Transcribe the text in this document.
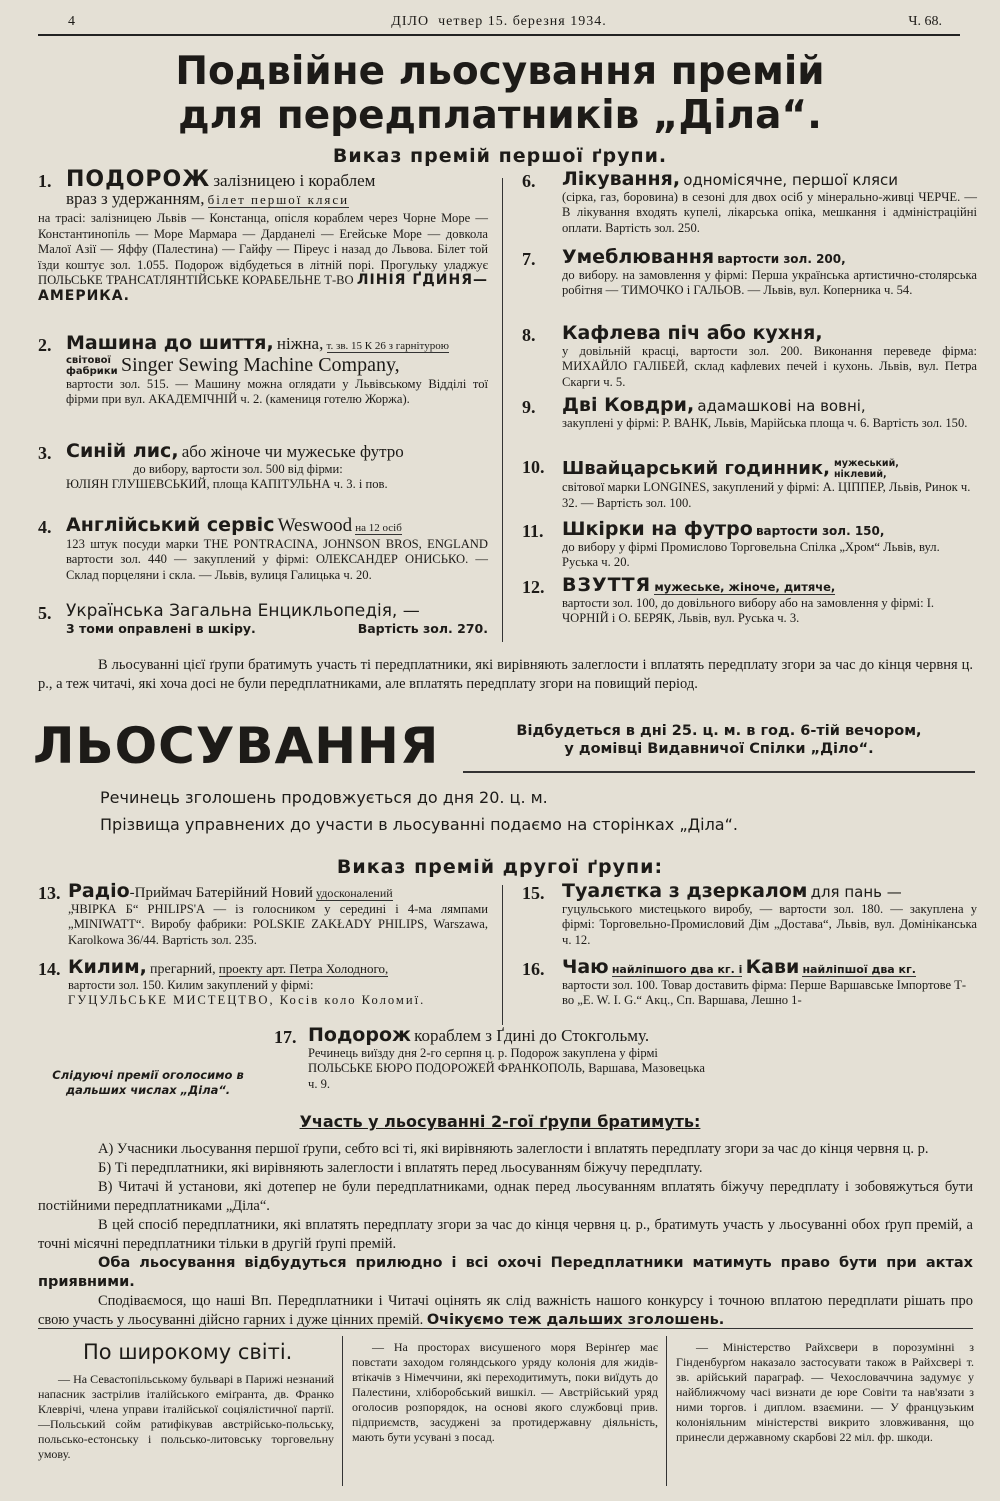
4	ДІЛО четвер 15. березня 1934.	Ч. 68.
Подвійне льосування премій
для передплатників „Діла“.
Виказ премій першої ґрупи.
1. ПОДОРОЖ залізницею і кораблем
враз з удержанням, білет першої кляси

на трасі: залізницею Львів — Констанца, опісля кораблем через Чорне Море — Константинопіль — Море Мармара — Дарданелі — Егейське Море — довкола Малої Азії — Яффу (Палестина) — Гайфу — Піреус і назад до Львова. Білет той їзди коштує зол. 1.055. Подорож відбудеться в літній порі. Прогульку уладжує ПОЛЬСЬКЕ ТРАНСАТЛЯНТІЙСЬКЕ КОРАБЕЛЬНЕ Т-ВО ЛІНІЯ ҐДИНЯ—АМЕРИКА.

2. Машина до шиття, ніжна, т. зв. 15 К 26 з гарнітурою
світової фабрики Singer Sewing Machine Company,

вартости зол. 515. — Машину можна оглядати у Львівському Відділі тої фірми при вул. АКАДЕМІЧНІЙ ч. 2. (камениця готелю Жоржа).

3. Синій лис, або жіноче чи мужеське футро

до вибору, вартости зол. 500 від фірми:

ЮЛІЯН ГЛУШЕВСЬКИЙ, площа КАПІТУЛЬНА ч. 3. і пов.

4. Англійський сервіс Weswood на 12 осіб

123 штук посуди марки THE PONTRACINA, JOHNSON BROS, ENGLAND вартости зол. 440 — закуплений у фірмі: ОЛЕКСАНДЕР ОНИСЬКО. — Склад порцеляни і скла. — Львів, вулиця Галицька ч. 20.

5. Українська Загальна Енцикльопедія, —
3 томи оправлені в шкіру.	Вартість зол. 270.
6.	Лікування, одномісячне, першої кляси

(сірка, газ, боровина) в сезоні для двох осіб у мінерально-живці ЧЕРЧЕ. — В лікування входять купелі, лікарська опіка, мешкання і адміністраційні оплати. Вартість зол. 250.

7.	Умеблювання вартости зол. 200,

до вибору. на замовлення у фірмі: Перша українська артистично-столярська робітня — ТИМОЧКО і ГАЛЬОВ. — Львів, вул. Коперника ч. 54.

8.	Кафлева піч або кухня,

у довільній красці, вартости зол. 200. Виконання переведе фірма: МИХАЙЛО ГАЛІБЕЙ, склад кафлевих печей і кухонь. Львів, вул. Петра Скарги ч. 5.

9.	Дві Ковдри, адамашкові на вовні,

закуплені у фірмі: Р. ВАНК, Львів, Марійська площа ч. 6. Вартість зол. 150.

10. Швайцарський годинник, мужеський, ніклевий,

світової марки LONGINES, закуплений у фірмі: А. ЦІППЕР, Львів, Ринок ч. 32. — Вартість зол. 100.

11. Шкірки на футро вартости зол. 150,

до вибору у фірмі Промислово Торговельна Спілка „Хром“ Львів, вул. Руська ч. 20.

12. ВЗУТТЯ мужеське, жіноче, дитяче,

вартости зол. 100, до довільного вибору або на замовлення у фірмі: І. ЧОРНІЙ і О. БЕРЯК, Львів, вул. Руська ч. 3.

В льосуванні цієї ґрупи братимуть участь ті передплатники, які вирівняють залеглости і вплатять передплату згори за час до кінця червня ц. р., а теж читачі, які хоча досі не були передплатниками, але вплатять передплату згори на повищий період.

ЛЬОСУВАННЯ	Відбудеться в дні 25. ц. м. в год. 6-тій вечором,
у домівці Видавничої Спілки „Діло“.
Речинець зголошень продовжується до дня 20. ц. м.
Прізвища управнених до участи в льосуванні подаємо на сторінках „Діла“.
Виказ премій другої ґрупи:
13. Радіо-Приймач Батерійний Новий удосконалений

„ЧВІРКА Б“ PHILIPS'A — із голосником у середині і 4-ма лямпами „MINIWATT“. Виробу фабрики: POLSKIE ZAKŁADY PHILIPS, Warszawa, Karolkowa 36/44. Вартість зол. 235.

14. Килим, прегарний, проекту арт. Петра Холодного,

вартости зол. 150. Килим закуплений у фірмі:

ГУЦУЛЬСЬКЕ МИСТЕЦТВО, Косів коло Коломиї.

15. Туалєтка з дзеркалом для пань —

гуцульського мистецького виробу, — вартости зол. 180. — закуплена у фірмі: Торговельно-Промисловий Дім „Достава“, Львів, вул. Домініканська ч. 12.

16. Чаю найліпшого два кг. і Кави найліпшої два кг.

вартости зол. 100. Товар доставить фірма: Перше Варшавське Імпортове Т-во „E. W. I. G.“ Акц., Сп. Варшава, Лешно 1-

17. Подорож кораблем з Ґдині до Стокгольму.

Речинець виїзду дня 2-го серпня ц. р. Подорож закуплена у фірмі ПОЛЬСЬКЕ БЮРО ПОДОРОЖЕЙ ФРАНКОПОЛЬ, Варшава, Мазовецька ч. 9.

Слідуючі премії оголосимо в дальших числах „Діла“.
Участь у льосуванні 2-гої ґрупи братимуть:

А) Учасники льосування першої ґрупи, себто всі ті, які вирівняють залеглости і вплатять передплату згори за час до кінця червня ц. р.

Б) Ті передплатники, які вирівняють залеглости і вплатять перед льосуванням біжучу передплату.

В) Читачі й установи, які дотепер не були передплатниками, однак перед льосуванням вплатять біжучу передплату і зобовяжуться бути постійними передплатниками „Діла“.

В цей спосіб передплатники, які вплатять передплату згори за час до кінця червня ц. р., братимуть участь у льосуванні обох ґруп премій, а точні місячні передплатники тільки в другій ґрупі премій.

Оба льосування відбудуться прилюдно і всі охочі Передплатники матимуть право бути при актах приявними.

Сподіваємося, що наші Вп. Передплатники і Читачі оцінять як слід важність нашого конкурсу і точною вплатою передплати рішать про свою участь у льосуванні дійсно гарних і дуже цінних премій. Очікуємо теж дальших зголошень.

По широкому світі.

— На Севастопільському бульварі в Парижі незнаний напасник застрілив італійського еміґранта, дв. Франко Клеврічі, члена управи італійської соціялістичної партії. —Польський сойм ратифікував австрійсько-польську, польсько-естонську і польсько-литовську торговельну умову.

— На просторах висушеного моря Верінґер має повстати заходом голяндського уряду колонія для жидів-втікачів з Німеччини, які переходитимуть, поки виїдуть до Палестини, хліборобський вишкіл. — Австрійський уряд оголосив розпорядок, на основі якого службовці прив. підприємств, засуджені за протидержавну діяльність, мають бути усувані з посад.

— Міністерство Райхсвери в порозумінні з Гінденбурґом наказало застосувати також в Райхсвері т. зв. арійський параграф. — Чехословаччина задумує у найближчому часі визнати де юре Совіти та нав'язати з ними торгов. і диплом. взаємини. — У французьким колоніяльним міністерстві викрито зловживання, що принесли державному скарбові 22 міл. фр. шкоди.
